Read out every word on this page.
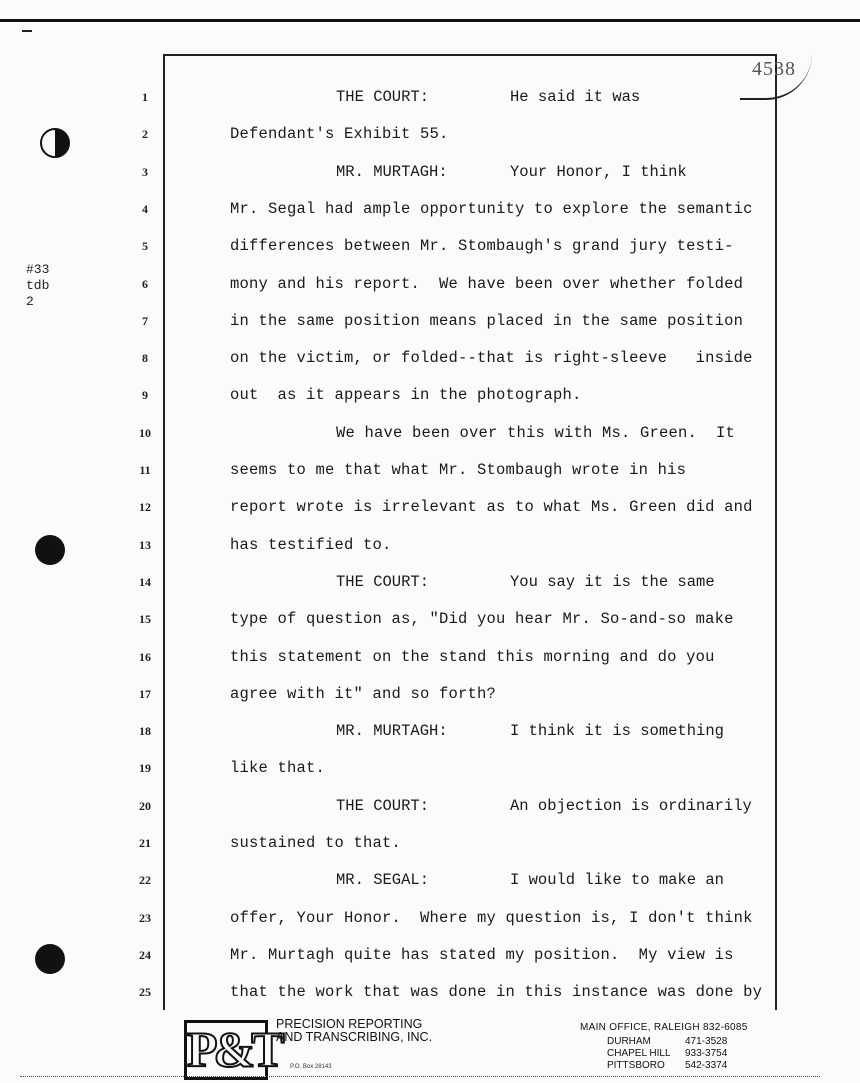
4538
#33
tdb
2
1	THE COURT:	He said it was
2	Defendant's Exhibit 55.
3	MR. MURTAGH:	Your Honor, I think
4	Mr. Segal had ample opportunity to explore the semantic
5	differences between Mr. Stombaugh's grand jury testi-
6	mony and his report.  We have been over whether folded
7	in the same position means placed in the same position
8	on the victim, or folded--that is right-sleeve   inside
9	out  as it appears in the photograph.
10	We have been over this with Ms. Green.  It
11	seems to me that what Mr. Stombaugh wrote in his
12	report wrote is irrelevant as to what Ms. Green did and
13	has testified to.
14	THE COURT:	You say it is the same
15	type of question as, "Did you hear Mr. So-and-so make
16	this statement on the stand this morning and do you
17	agree with it" and so forth?
18	MR. MURTAGH:	I think it is something
19	like that.
20	THE COURT:	An objection is ordinarily
21	sustained to that.
22	MR. SEGAL:	I would like to make an
23	offer, Your Honor.  Where my question is, I don't think
24	Mr. Murtagh quite has stated my position.  My view is
25	that the work that was done in this instance was done by
P&T
PRECISION REPORTING
AND TRANSCRIBING, INC.
P.O. Box 28143
MAIN OFFICE, RALEIGH 832-6085
DURHAM	471-3528
CHAPEL HILL	933-3754
PITTSBORO	542-3374
